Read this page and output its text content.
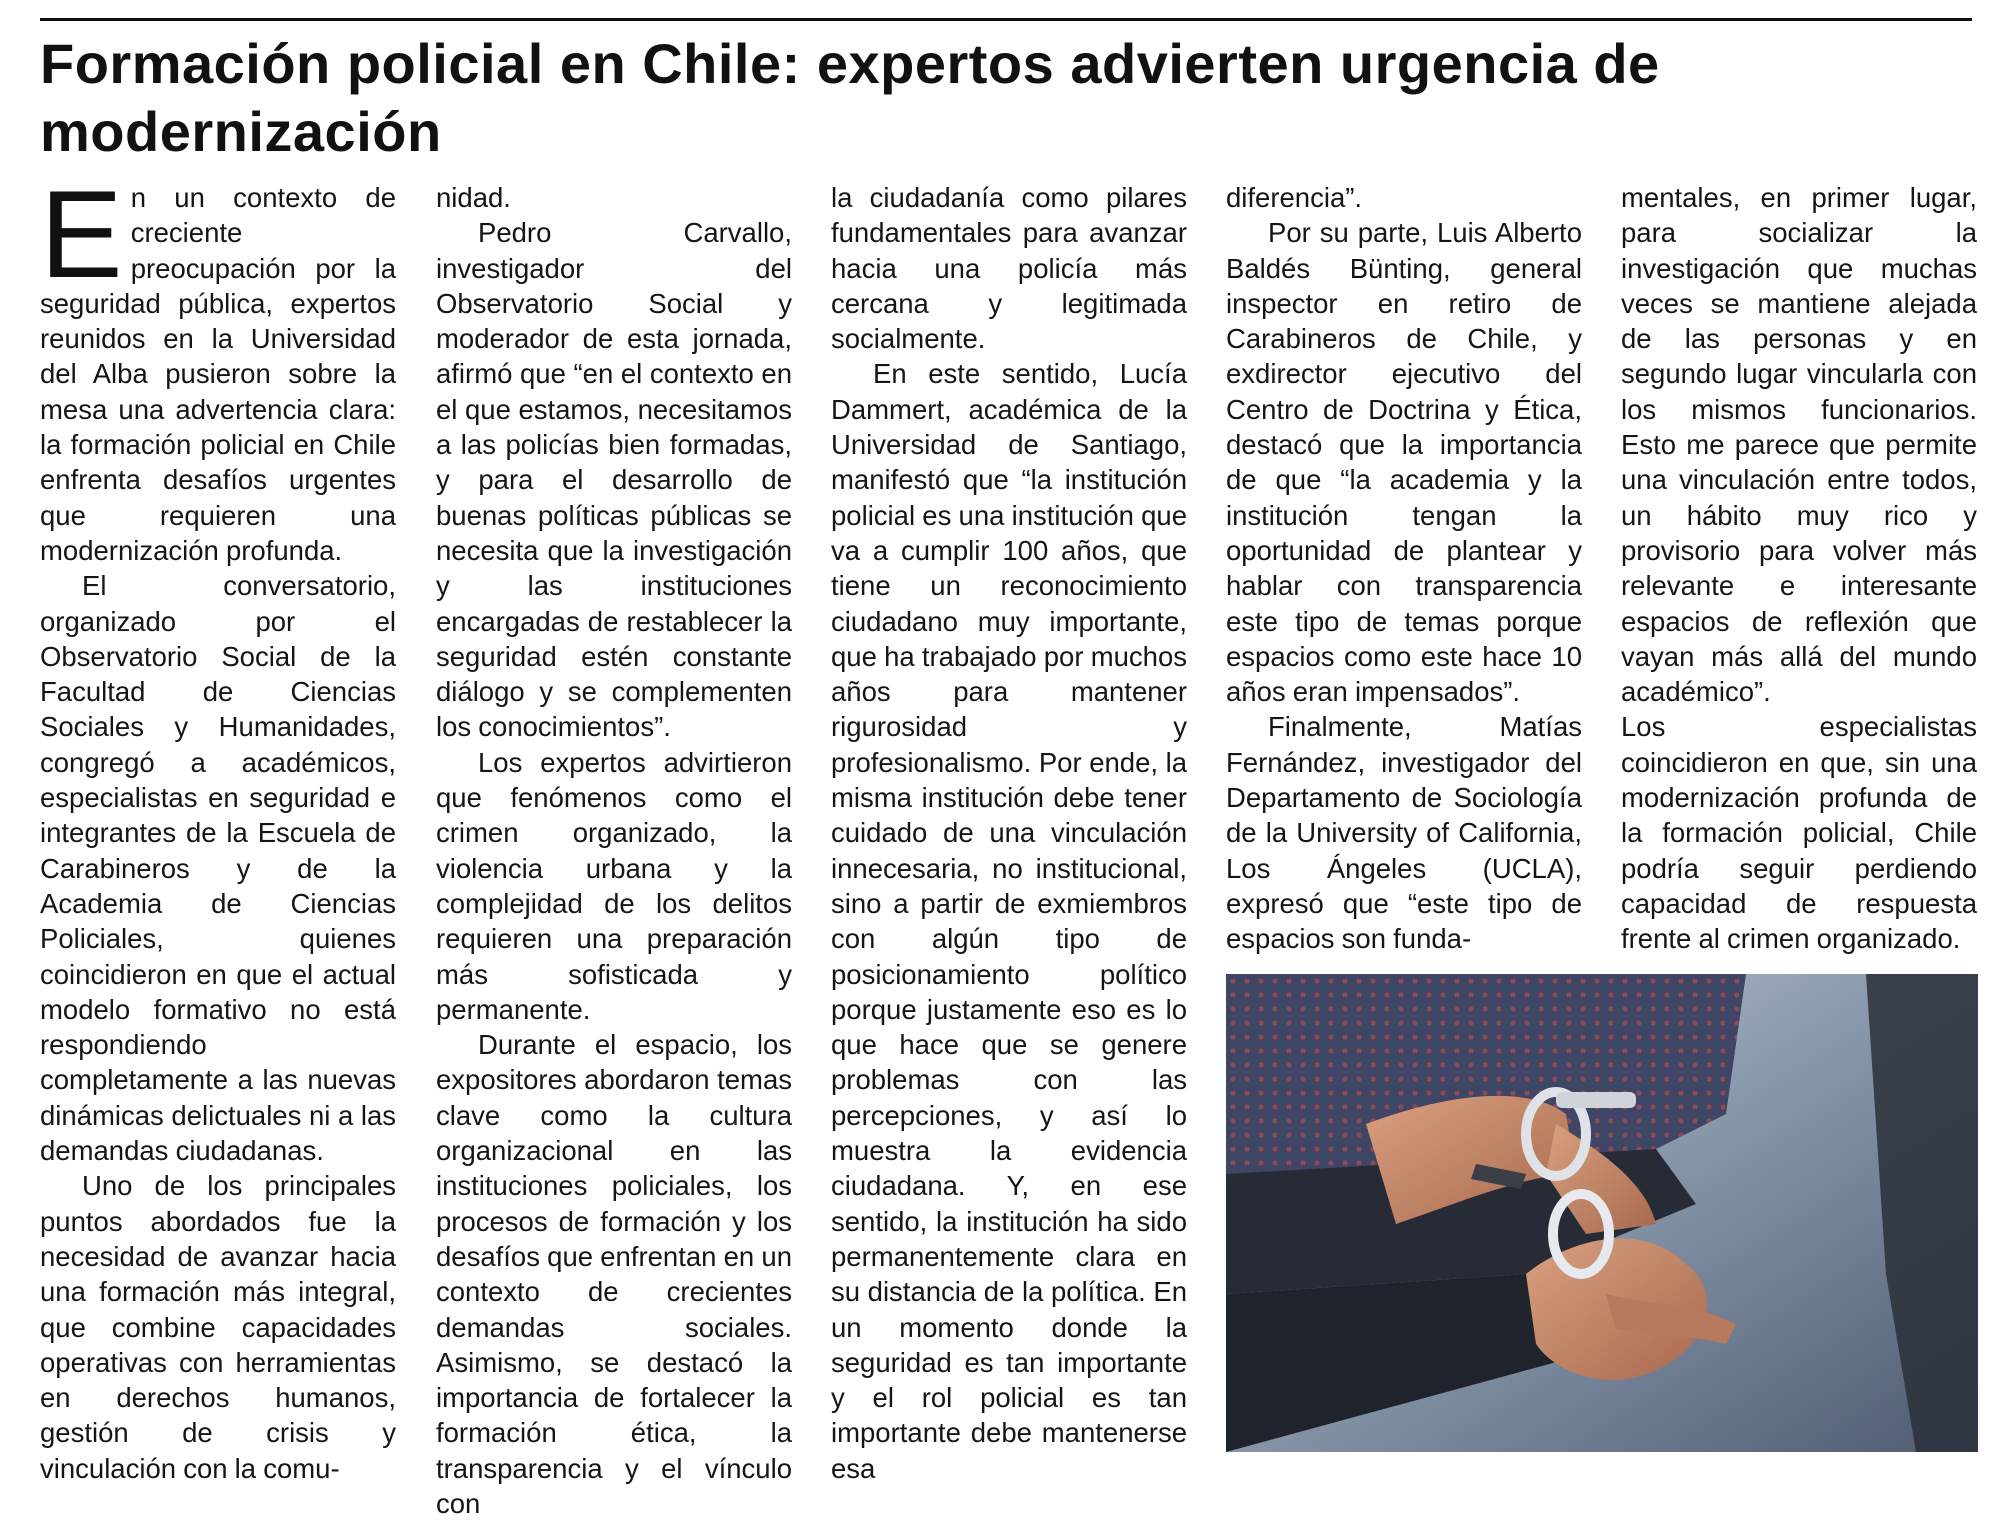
Formación policial en Chile: expertos advierten urgencia de modernización

En un contexto de creciente preocupación por la seguridad pública, expertos reunidos en la Universidad del Alba pusieron sobre la mesa una advertencia clara: la formación policial en Chile enfrenta desafíos urgentes que requieren una modernización profunda.

El conversatorio, organizado por el Observatorio Social de la Facultad de Ciencias Sociales y Humanidades, congregó a académicos, especialistas en seguridad e integrantes de la Escuela de Carabineros y de la Academia de Ciencias Policiales, quienes coincidieron en que el actual modelo formativo no está respondiendo completamente a las nuevas dinámicas delictuales ni a las demandas ciudadanas.

Uno de los principales puntos abordados fue la necesidad de avanzar hacia una formación más integral, que combine capacidades operativas con herramientas en derechos humanos, gestión de crisis y vinculación con la comu-

nidad.

Pedro Carvallo, investigador del Observatorio Social y moderador de esta jornada, afirmó que “en el contexto en el que estamos, necesitamos a las policías bien formadas, y para el desarrollo de buenas políticas públicas se necesita que la investigación y las instituciones encargadas de restablecer la seguridad estén constante diálogo y se complementen los conocimientos”.

Los expertos advirtieron que fenómenos como el crimen organizado, la violencia urbana y la complejidad de los delitos requieren una preparación más sofisticada y permanente.

Durante el espacio, los expositores abordaron temas clave como la cultura organizacional en las instituciones policiales, los procesos de formación y los desafíos que enfrentan en un contexto de crecientes demandas sociales. Asimismo, se destacó la importancia de fortalecer la formación ética, la transparencia y el vínculo con

la ciudadanía como pilares fundamentales para avanzar hacia una policía más cercana y legitimada socialmente.

En este sentido, Lucía Dammert, académica de la Universidad de Santiago, manifestó que “la institución policial es una institución que va a cumplir 100 años, que tiene un reconocimiento ciudadano muy importante, que ha trabajado por muchos años para mantener rigurosidad y profesionalismo. Por ende, la misma institución debe tener cuidado de una vinculación innecesaria, no institucional, sino a partir de exmiembros con algún tipo de posicionamiento político porque justamente eso es lo que hace que se genere problemas con las percepciones, y así lo muestra la evidencia ciudadana. Y, en ese sentido, la institución ha sido permanentemente clara en su distancia de la política. En un momento donde la seguridad es tan importante y el rol policial es tan importante debe mantenerse esa

diferencia”.

Por su parte, Luis Alberto Baldés Bünting, general inspector en retiro de Carabineros de Chile, y exdirector ejecutivo del Centro de Doctrina y Ética, destacó que la importancia de que “la academia y la institución tengan la oportunidad de plantear y hablar con transparencia este tipo de temas porque espacios como este hace 10 años eran impensados”.

Finalmente, Matías Fernández, investigador del Departamento de Sociología de la University of California, Los Ángeles (UCLA), expresó que “este tipo de espacios son funda-

mentales, en primer lugar, para socializar la investigación que muchas veces se mantiene alejada de las personas y en segundo lugar vincularla con los mismos funcionarios. Esto me parece que permite una vinculación entre todos, un hábito muy rico y provisorio para volver más relevante e interesante espacios de reflexión que vayan más allá del mundo académico”.

Los especialistas coincidieron en que, sin una modernización profunda de la formación policial, Chile podría seguir perdiendo capacidad de respuesta frente al crimen organizado.
